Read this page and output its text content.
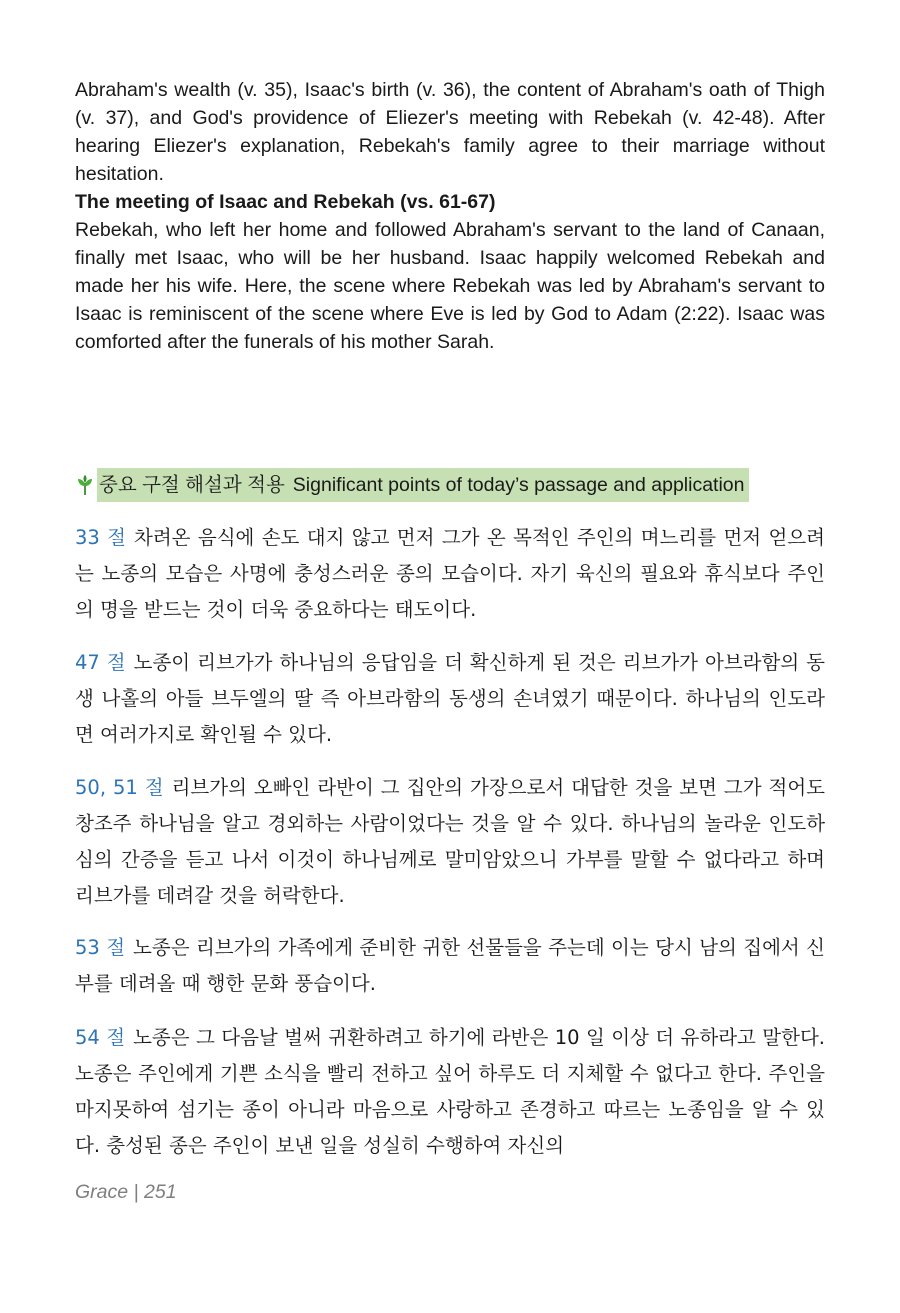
Abraham's wealth (v. 35), Isaac's birth (v. 36), the content of Abraham's oath of Thigh (v. 37), and God's providence of Eliezer's meeting with Rebekah (v. 42-48). After hearing Eliezer's explanation, Rebekah's family agree to their marriage without hesitation.

The meeting of Isaac and Rebekah (vs. 61-67)

Rebekah, who left her home and followed Abraham's servant to the land of Canaan, finally met Isaac, who will be her husband. Isaac happily welcomed Rebekah and made her his wife. Here, the scene where Rebekah was led by Abraham's servant to Isaac is reminiscent of the scene where Eve is led by God to Adam (2:22). Isaac was comforted after the funerals of his mother Sarah.

중요 구절 해설과 적용 Significant points of today’s passage and application

33 절 차려온 음식에 손도 대지 않고 먼저 그가 온 목적인 주인의 며느리를 먼저 얻으려는 노종의 모습은 사명에 충성스러운 종의 모습이다. 자기 육신의 필요와 휴식보다 주인의 명을 받드는 것이 더욱 중요하다는 태도이다.

47 절 노종이 리브가가 하나님의 응답임을 더 확신하게 된 것은 리브가가 아브라함의 동생 나홀의 아들 브두엘의 딸 즉 아브라함의 동생의 손녀였기 때문이다. 하나님의 인도라면 여러가지로 확인될 수 있다.

50, 51 절 리브가의 오빠인 라반이 그 집안의 가장으로서 대답한 것을 보면 그가 적어도 창조주 하나님을 알고 경외하는 사람이었다는 것을 알 수 있다. 하나님의 놀라운 인도하심의 간증을 듣고 나서 이것이 하나님께로 말미암았으니 가부를 말할 수 없다라고 하며 리브가를 데려갈 것을 허락한다.

53 절 노종은 리브가의 가족에게 준비한 귀한 선물들을 주는데 이는 당시 남의 집에서 신부를 데려올 때 행한 문화 풍습이다.

54 절 노종은 그 다음날 벌써 귀환하려고 하기에 라반은 10 일 이상 더 유하라고 말한다. 노종은 주인에게 기쁜 소식을 빨리 전하고 싶어 하루도 더 지체할 수 없다고 한다. 주인을 마지못하여 섬기는 종이 아니라 마음으로 사랑하고 존경하고 따르는 노종임을 알 수 있다. 충성된 종은 주인이 보낸 일을 성실히 수행하여 자신의

Grace | 251
